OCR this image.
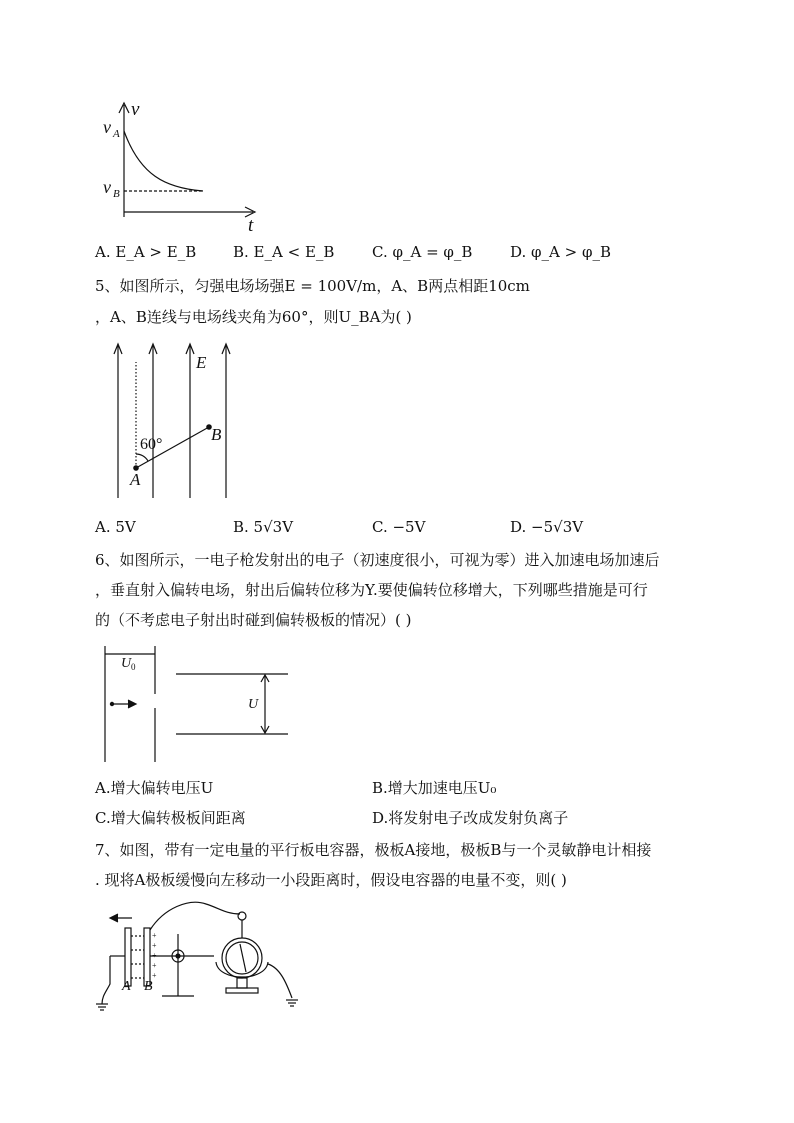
v
t
v A
v B
A. E_A > E_B B. E_A < E_B	C. φ_A = φ_B	D. φ_A > φ_B
5、如图所示，匀强电场场强E = 100V/m，A、B两点相距10cm
，A、B连线与电场线夹角为60°，则U_BA为( )
E
60°
A
B
A. 5V	B. 5√3V	C. −5V	D. −5√3V
6、如图所示，一电子枪发射出的电子（初速度很小，可视为零）进入加速电场加速后
，垂直射入偏转电场，射出后偏转位移为Y.要使偏转位移增大，下列哪些措施是可行
的（不考虑电子射出时碰到偏转极板的情况）( )
U 0
U
A.增大偏转电压U	B.增大加速电压U₀
C.增大偏转极板间距离	D.将发射电子改成发射负离子
7、如图，带有一定电量的平行板电容器，极板A接地，极板B与一个灵敏静电计相接
. 现将A极板缓慢向左移动一小段距离时，假设电容器的电量不变，则( )
+
+
+
+
+
A B
